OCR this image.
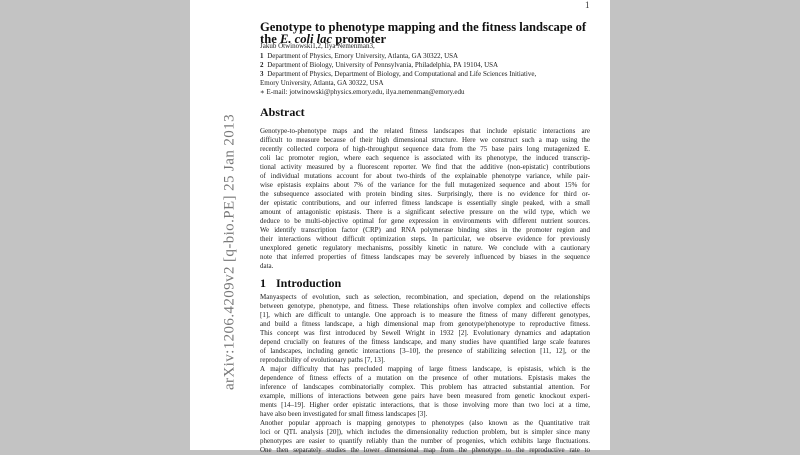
1
arXiv:1206.4209v2 [q-bio.PE] 25 Jan 2013
Genotype to phenotype mapping and the fitness landscape of
the E. coli lac promoter
Jakub Otwinowski1,2, Ilya Nemenman3,
1 Department of Physics, Emory University, Atlanta, GA 30322, USA
2 Department of Biology, University of Pennsylvania, Philadelphia, PA 19104, USA
3 Department of Physics, Department of Biology, and Computational and Life Sciences Initiative,
Emory University, Atlanta, GA 30322, USA
∗ E-mail: jotwinowski@physics.emory.edu, ilya.nemenman@emory.edu
Abstract
Genotype-to-phenotype maps and the related fitness landscapes that include epistatic interactions are
difficult to measure because of their high dimensional structure. Here we construct such a map using the
recently collected corpora of high-throughput sequence data from the 75 base pairs long mutagenized E.
coli lac promoter region, where each sequence is associated with its phenotype, the induced transcrip-
tional activity measured by a fluorescent reporter. We find that the additive (non-epistatic) contributions
of individual mutations account for about two-thirds of the explainable phenotype variance, while pair-
wise epistasis explains about 7% of the variance for the full mutagenized sequence and about 15% for
the subsequence associated with protein binding sites. Surprisingly, there is no evidence for third or-
der epistatic contributions, and our inferred fitness landscape is essentially single peaked, with a small
amount of antagonistic epistasis. There is a significant selective pressure on the wild type, which we
deduce to be multi-objective optimal for gene expression in environments with different nutrient sources.
We identify transcription factor (CRP) and RNA polymerase binding sites in the promoter region and
their interactions without difficult optimization steps. In particular, we observe evidence for previously
unexplored genetic regulatory mechanisms, possibly kinetic in nature. We conclude with a cautionary
note that inferred properties of fitness landscapes may be severely influenced by biases in the sequence
data.
1 Introduction
Manyaspects of evolution, such as selection, recombination, and speciation, depend on the relationships
between genotype, phenotype, and fitness. These relationships often involve complex and collective effects
[1], which are difficult to untangle. One approach is to measure the fitness of many different genotypes,
and build a fitness landscape, a high dimensional map from genotype/phenotype to reproductive fitness.
This concept was first introduced by Sewell Wright in 1932 [2]. Evolutionary dynamics and adaptation
depend crucially on features of the fitness landscape, and many studies have quantified large scale features
of landscapes, including genetic interactions [3–10], the presence of stabilizing selection [11, 12], or the
reproducibility of evolutionary paths [7, 13].
A major difficulty that has precluded mapping of large fitness landscape, is epistasis, which is the
dependence of fitness effects of a mutation on the presence of other mutations. Epistasis makes the
inference of landscapes combinatorially complex. This problem has attracted substantial attention. For
example, millions of interactions between gene pairs have been measured from genetic knockout experi-
ments [14–19]. Higher order epistatic interactions, that is those involving more than two loci at a time,
have also been investigated for small fitness landscapes [3].
Another popular approach is mapping genotypes to phenotypes (also known as the Quantitative trait
loci or QTL analysis [20]), which includes the dimensionality reduction problem, but is simpler since many
phenotypes are easier to quantify reliably than the number of progenies, which exhibits large fluctuations.
One then separately studies the lower dimensional map from the phenotype to the reproductive rate to
